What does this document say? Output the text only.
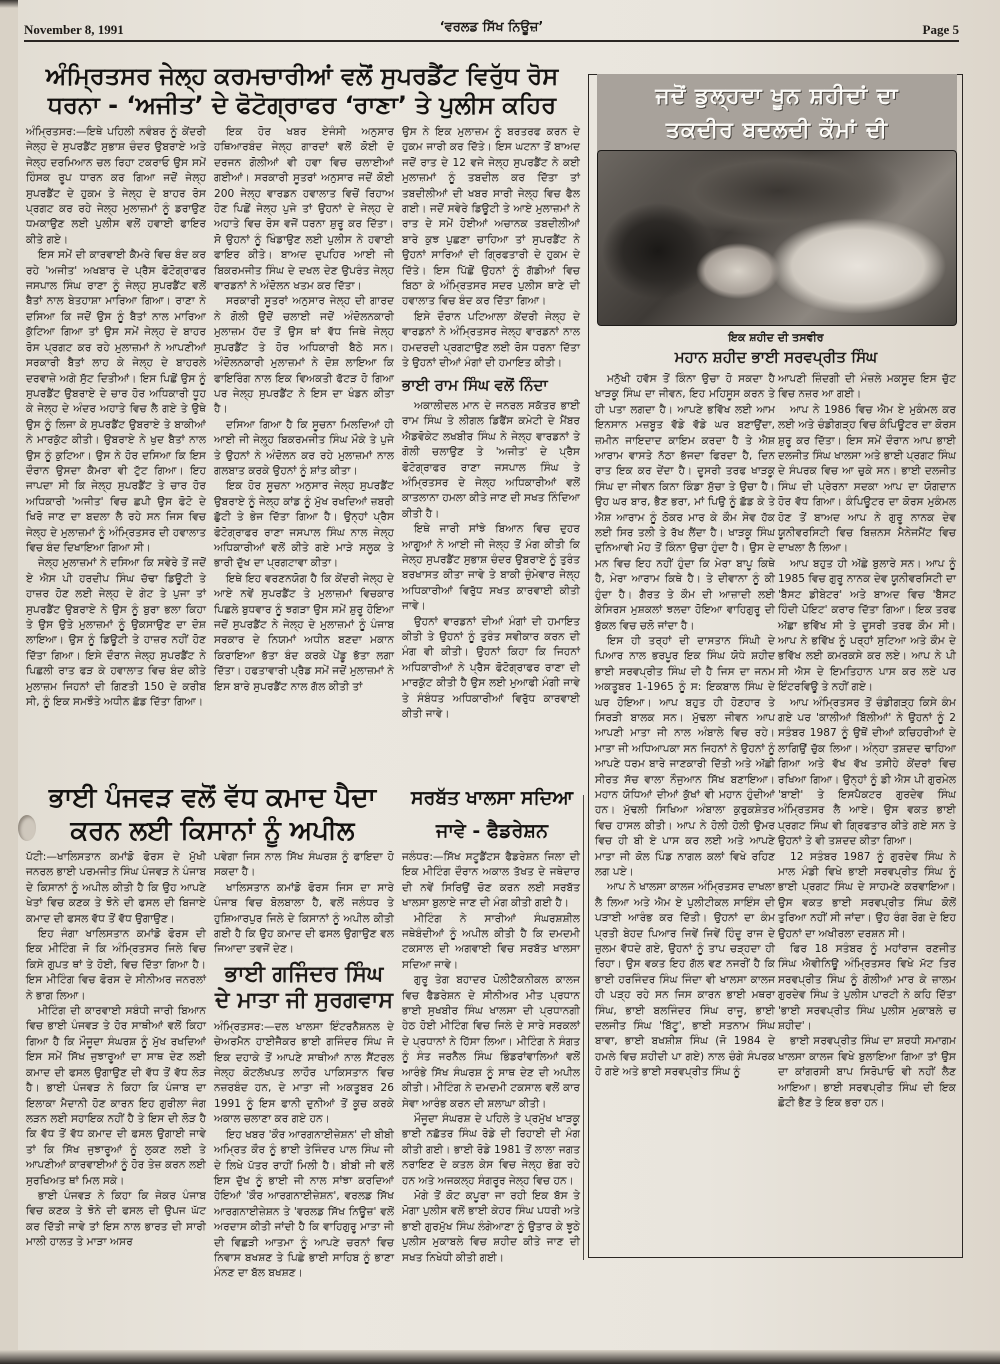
November 8, 1991	‘ਵਰਲਡ ਸਿੱਖ ਨਿਊਜ਼’	Page 5
ਅੰਮ੍ਰਿਤਸਰ ਜੇਲ੍ਹ ਕਰਮਚਾਰੀਆਂ ਵਲੋਂ ਸੁਪਰਡੈਂਟ ਵਿਰੁੱਧ ਰੋਸ ਧਰਨਾ - ‘ਅਜੀਤ’ ਦੇ ਫੋਟੋਗ੍ਰਾਫਰ ‘ਰਾਣਾ’ ਤੇ ਪੁਲੀਸ ਕਹਿਰ

ਅੰਮ੍ਰਿਤਸਰ:—ਇਥੇ ਪਹਿਲੀ ਨਵੰਬਰ ਨੂੰ ਕੇਂਦਰੀ ਜੇਲ੍ਹ ਦੇ ਸੁਪਰਡੈਂਟ ਸੁਭਾਸ਼ ਚੰਦਰ ਉਬਰਾਏ ਅਤੇ ਜੇਲ੍ਹ ਦਰਮਿਆਨ ਚਲ ਰਿਹਾ ਟਕਰਾਓ ਉਸ ਸਮੇਂ ਹਿੰਸਕ ਰੂਪ ਧਾਰਨ ਕਰ ਗਿਆ ਜਦੋਂ ਜੇਲ੍ਹ ਸੁਪਰਡੈਂਟ ਦੇ ਹੁਕਮ ਤੇ ਜੇਲ੍ਹ ਦੇ ਬਾਹਰ ਰੋਸ ਪ੍ਰਗਟ ਕਰ ਰਹੇ ਜੇਲ੍ਹ ਮੁਲਾਜ਼ਮਾਂ ਨੂੰ ਡਰਾਉਣ ਧਮਕਾਉਣ ਲਈ ਪੁਲੀਸ ਵਲੋਂ ਹਵਾਈ ਫਾਇਰ ਕੀਤੇ ਗਏ।

ਇਸ ਸਮੇਂ ਦੀ ਕਾਰਵਾਈ ਕੈਮਰੇ ਵਿਚ ਬੰਦ ਕਰ ਰਹੇ 'ਅਜੀਤ' ਅਖਬਾਰ ਦੇ ਪ੍ਰੈਸ ਫੋਟੋਗ੍ਰਾਫਰ ਜਸਪਾਲ ਸਿੰਘ ਰਾਣਾ ਨੂੰ ਜੇਲ੍ਹ ਸੁਪਰਡੈਂਟ ਵਲੋਂ ਬੈਤਾਂ ਨਾਲ ਬੇਤਹਾਸ਼ਾ ਮਾਰਿਆ ਗਿਆ। ਰਾਣਾ ਨੇ ਦਸਿਆ ਕਿ ਜਦੋਂ ਉਸ ਨੂੰ ਬੈਤਾਂ ਨਾਲ ਮਾਰਿਆ ਕੁੱਟਿਆ ਗਿਆ ਤਾਂ ਉਸ ਸਮੇਂ ਜੇਲ੍ਹ ਦੇ ਬਾਹਰ ਰੋਸ ਪ੍ਰਗਟ ਕਰ ਰਹੇ ਮੁਲਾਜ਼ਮਾਂ ਨੇ ਆਪਣੀਆਂ ਸਰਕਾਰੀ ਬੈਤਾਂ ਲਾਹ ਕੇ ਜੇਲ੍ਹ ਦੇ ਬਾਹਰਲੇ ਦਰਵਾਜ਼ੇ ਅਗੇ ਸੁੱਟ ਦਿਤੀਆਂ। ਇਸ ਪਿਛੋਂ ਉਸ ਨੂੰ ਸੁਪਰਡੈਂਟ ਉਬਰਾਏ ਦੇ ਚਾਰ ਹੋਰ ਅਧਿਕਾਰੀ ਧੂਹ ਕੇ ਜੇਲ੍ਹ ਦੇ ਅੰਦਰ ਅਹਾਤੇ ਵਿਚ ਲੈ ਗਏ ਤੇ ਉਥੇ ਉਸ ਨੂੰ ਲਿਜਾ ਕੇ ਸੁਪਰਡੈਂਟ ਉਬਰਾਏ ਤੇ ਬਾਕੀਆਂ ਨੇ ਮਾਰਕੁੱਟ ਕੀਤੀ। ਉਬਰਾਏ ਨੇ ਖੁਦ ਬੈਤਾਂ ਨਾਲ ਉਸ ਨੂੰ ਕੁਟਿਆ। ਉਸ ਨੇ ਹੋਰ ਦਸਿਆ ਕਿ ਇਸ ਦੌਰਾਨ ਉਸਦਾ ਕੈਮਰਾ ਵੀ ਟੁੱਟ ਗਿਆ। ਇਹ ਜਾਪਦਾ ਸੀ ਕਿ ਜੇਲ੍ਹ ਸੁਪਰਡੈਂਟ ਤੇ ਚਾਰ ਹੋਰ ਅਧਿਕਾਰੀ 'ਅਜੀਤ' ਵਿਚ ਛਪੀ ਉਸ ਫੋਟੋ ਦੇ ਖਿਰੋ ਜਾਣ ਦਾ ਬਦਲਾ ਲੈ ਰਹੇ ਸਨ ਜਿਸ ਵਿਚ ਜੇਲ੍ਹ ਦੇ ਮੁਲਾਜ਼ਮਾਂ ਨੂੰ ਅੰਮ੍ਰਿਤਸਰ ਦੀ ਹਵਾਲਾਤ ਵਿਚ ਬੰਦ ਦਿਖਾਇਆ ਗਿਆ ਸੀ।

ਜੇਲ੍ਹ ਮੁਲਾਜ਼ਮਾਂ ਨੇ ਦਸਿਆ ਕਿ ਸਵੇਰੇ ਤੋਂ ਜਦੋਂ ਏ ਐਸ ਪੀ ਹਰਦੀਪ ਸਿੰਘ ਚੱਢਾ ਡਿਊਟੀ ਤੇ ਹਾਜ਼ਰ ਹੋਣ ਲਈ ਜੇਲ੍ਹ ਦੇ ਗੇਟ ਤੇ ਪੁਜਾ ਤਾਂ ਸੁਪਰਡੈਂਟ ਉਬਰਾਏ ਨੇ ਉਸ ਨੂੰ ਬੁਰਾ ਭਲਾ ਕਿਹਾ ਤੇ ਉਸ ਉਤੇ ਮੁਲਾਜ਼ਮਾਂ ਨੂੰ ਉਕਸਾਉਣ ਦਾ ਦੋਸ਼ ਲਾਇਆ। ਉਸ ਨੂੰ ਡਿਊਟੀ ਤੇ ਹਾਜ਼ਰ ਨਹੀਂ ਹੋਣ ਦਿੱਤਾ ਗਿਆ। ਇਸੇ ਦੌਰਾਨ ਜੇਲ੍ਹ ਸੁਪਰਡੈਂਟ ਨੇ ਪਿਛਲੀ ਰਾਤ ਫੜ ਕੇ ਹਵਾਲਾਤ ਵਿਚ ਬੰਦ ਕੀਤੇ ਮੁਲਾਜ਼ਮ ਜਿਹਨਾਂ ਦੀ ਗਿਣਤੀ 150 ਦੇ ਕਰੀਬ ਸੀ, ਨੂੰ ਇਕ ਸਮਝੌਤੇ ਅਧੀਨ ਛੱਡ ਦਿੱਤਾ ਗਿਆ।

ਇਕ ਹੋਰ ਖਬਰ ਏਜੰਸੀ ਅਨੁਸਾਰ ਹਥਿਆਰਬੰਦ ਜੇਲ੍ਹ ਗਾਰਦਾਂ ਵਲੋਂ ਕੋਈ ਦੋ ਦਰਜਨ ਗੋਲੀਆਂ ਵੀ ਹਵਾ ਵਿਚ ਚਲਾਈਆਂ ਗਈਆਂ। ਸਰਕਾਰੀ ਸੂਤਰਾਂ ਅਨੁਸਾਰ ਜਦੋਂ ਕੋਈ 200 ਜੇਲ੍ਹ ਵਾਰਡਨ ਹਵਾਲਾਤ ਵਿਚੋਂ ਰਿਹਾਅ ਹੋਣ ਪਿਛੋਂ ਜੇਲ੍ਹ ਪੁਜੇ ਤਾਂ ਉਹਨਾਂ ਦੇ ਜੇਲ੍ਹ ਦੇ ਅਹਾਤੇ ਵਿਚ ਰੋਸ ਵਜੋਂ ਧਰਨਾ ਸ਼ੁਰੂ ਕਰ ਦਿੱਤਾ। ਸੋ ਉਹਨਾਂ ਨੂੰ ਖਿੰਡਾਉਣ ਲਈ ਪੁਲੀਸ ਨੇ ਹਵਾਈ ਫਾਇਰ ਕੀਤੇ। ਬਾਅਦ ਦੁਪਹਿਰ ਆਈ ਜੀ ਬਿਕਰਮਜੀਤ ਸਿੰਘ ਦੇ ਦਖਲ ਦੇਣ ਉਪਰੰਤ ਜੇਲ੍ਹ ਵਾਰਡਨਾਂ ਨੇ ਅੰਦੋਲਨ ਖਤਮ ਕਰ ਦਿੱਤਾ।

ਸਰਕਾਰੀ ਸੂਤਰਾਂ ਅਨੁਸਾਰ ਜੇਲ੍ਹ ਦੀ ਗਾਰਦ ਨੇ ਗੋਲੀ ਉਦੋਂ ਚਲਾਈ ਜਦੋਂ ਅੰਦੋਲਨਕਾਰੀ ਮੁਲਾਜ਼ਮ ਹੱਦ ਤੋਂ ਉਸ ਥਾਂ ਵੱਧ ਜਿਥੇ ਜੇਲ੍ਹ ਸੁਪਰਡੈਂਟ ਤੇ ਹੋਰ ਅਧਿਕਾਰੀ ਬੈਠੇ ਸਨ। ਅੰਦੋਲਨਕਾਰੀ ਮੁਲਾਜ਼ਮਾਂ ਨੇ ਦੋਸ਼ ਲਾਇਆ ਕਿ ਫਾਇਰਿੰਗ ਨਾਲ ਇਕ ਵਿਅਕਤੀ ਫੱਟੜ ਹੋ ਗਿਆ ਪਰ ਜੇਲ੍ਹ ਸੁਪਰਡੈਂਟ ਨੇ ਇਸ ਦਾ ਖੰਡਨ ਕੀਤਾ ਹੈ।

ਦਸਿਆ ਗਿਆ ਹੈ ਕਿ ਸੂਚਨਾ ਮਿਲਦਿਆਂ ਹੀ ਆਈ ਜੀ ਜੇਲ੍ਹ੍ਹ ਬਿਕਰਮਜੀਤ ਸਿੰਘ ਮੌਕੇ ਤੇ ਪੁਜੇ ਤੇ ਉਹਨਾਂ ਨੇ ਅੰਦੋਲਨ ਕਰ ਰਹੇ ਮੁਲਾਜ਼ਮਾਂ ਨਾਲ ਗਲਬਾਤ ਕਰਕੇ ਉਹਨਾਂ ਨੂੰ ਸ਼ਾਂਤ ਕੀਤਾ।

ਇਕ ਹੋਰ ਸੂਚਨਾ ਅਨੁਸਾਰ ਜੇਲ੍ਹ ਸੁਪਰਡੈਂਟ ਉਬਰਾਏ ਨੂੰ ਜੇਲ੍ਹ ਕਾਂਡ ਨੂੰ ਮੁੱਖ ਰਖਦਿਆਂ ਜ਼ਬਰੀ ਛੁੱਟੀ ਤੇ ਭੇਜ ਦਿੱਤਾ ਗਿਆ ਹੈ। ਉਨ੍ਹਾਂ ਪ੍ਰੈਸ ਫੋਟੋਗ੍ਰਾਫਰ ਰਾਣਾ ਜਸਪਾਲ ਸਿੰਘ ਨਾਲ ਜੇਲ੍ਹ ਅਧਿਕਾਰੀਆਂ ਵਲੋਂ ਕੀਤੇ ਗਏ ਮਾੜੇ ਸਲੂਕ ਤੇ ਭਾਰੀ ਦੁੱਖ ਦਾ ਪ੍ਰਗਟਾਵਾ ਕੀਤਾ।

ਇਥੇ ਇਹ ਵਰਣਨਯੋਗ ਹੈ ਕਿ ਕੇਂਦਰੀ ਜੇਲ੍ਹ ਦੇ ਆਏ ਨਵੇਂ ਸੁਪਰਡੈਂਟ ਤੇ ਮੁਲਾਜ਼ਮਾਂ ਵਿਚਕਾਰ ਪਿਛਲੇ ਬੁਧਵਾਰ ਨੂੰ ਝਗੜਾ ਉਸ ਸਮੇਂ ਸ਼ੁਰੂ ਹੋਇਆ ਜਦੋਂ ਸੁਪਰਡੈਂਟ ਨੇ ਜੇਲ੍ਹ ਦੇ ਮੁਲਾਜ਼ਮਾਂ ਨੂੰ ਪੰਜਾਬ ਸਰਕਾਰ ਦੇ ਨਿਯਮਾਂ ਅਧੀਨ ਬਣਦਾ ਮਕਾਨ ਕਿਰਾਇਆ ਭੱਤਾ ਬੰਦ ਕਰਕੇ ਪੇਂਡੂ ਭੱਤਾ ਲਗਾ ਦਿੱਤਾ। ਹਫਤਾਵਾਰੀ ਪ੍ਰੈਡ ਸਮੇਂ ਜਦੋਂ ਮੁਲਾਜ਼ਮਾਂ ਨੇ ਇਸ ਬਾਰੇ ਸੁਪਰਡੈਂਟ ਨਾਲ ਗੱਲ ਕੀਤੀ ਤਾਂ

ਉਸ ਨੇ ਇਕ ਮੁਲਾਜ਼ਮ ਨੂੰ ਬਰਤਰਫ ਕਰਨ ਦੇ ਹੁਕਮ ਜਾਰੀ ਕਰ ਦਿੱਤੇ। ਇਸ ਘਟਨਾ ਤੋਂ ਬਾਅਦ ਜਦੋਂ ਰਾਤ ਦੇ 12 ਵਜੇ ਜੇਲ੍ਹ ਸੁਪਰਡੈਂਟ ਨੇ ਕਈ ਮੁਲਾਜ਼ਮਾਂ ਨੂੰ ਤਬਦੀਲ ਕਰ ਦਿੱਤਾ ਤਾਂ ਤਬਦੀਲੀਆਂ ਦੀ ਖਬਰ ਸਾਰੀ ਜੇਲ੍ਹ ਵਿਚ ਫੈਲ ਗਈ। ਜਦੋਂ ਸਵੇਰੇ ਡਿਊਟੀ ਤੇ ਆਏ ਮੁਲਾਜ਼ਮਾਂ ਨੇ ਰਾਤ ਦੇ ਸਮੇਂ ਹੋਈਆਂ ਅਚਾਨਕ ਤਬਦੀਲੀਆਂ ਬਾਰੇ ਕੁਝ ਪੁਛਣਾ ਚਾਹਿਆ ਤਾਂ ਸੁਪਰਡੈਂਟ ਨੇ ਉਹਨਾਂ ਸਾਰਿਆਂ ਦੀ ਗ੍ਰਿਫਤਾਰੀ ਦੇ ਹੁਕਮ ਦੇ ਦਿੱਤੇ। ਇਸ ਪਿੱਛੋਂ ਉਹਨਾਂ ਨੂੰ ਗੱਡੀਆਂ ਵਿਚ ਬਿਠਾ ਕੇ ਅੰਮ੍ਰਿਤਸਰ ਸਦਰ ਪੁਲੀਸ ਥਾਣੇ ਦੀ ਹਵਾਲਾਤ ਵਿਚ ਬੰਦ ਕਰ ਦਿੱਤਾ ਗਿਆ।

ਇਸੇ ਦੌਰਾਨ ਪਟਿਆਲਾ ਕੇਂਦਰੀ ਜੇਲ੍ਹ ਦੇ ਵਾਰਡਨਾਂ ਨੇ ਅੰਮ੍ਰਿਤਸਰ ਜੇਲ੍ਹ ਵਾਰਡਨਾਂ ਨਾਲ ਹਮਦਰਦੀ ਪ੍ਰਗਟਾਉਣ ਲਈ ਰੋਸ ਧਰਨਾ ਦਿੱਤਾ ਤੇ ਉਹਨਾਂ ਦੀਆਂ ਮੰਗਾਂ ਦੀ ਹਮਾਇਤ ਕੀਤੀ।

ਭਾਈ ਰਾਮ ਸਿੰਘ ਵਲੋਂ ਨਿੰਦਾ

ਅਕਾਲੀਦਲ ਮਾਨ ਦੇ ਜਨਰਲ ਸਕੱਤਰ ਭਾਈ ਰਾਮ ਸਿੰਘ ਤੇ ਲੀਗਲ ਡਿਫੈਂਸ ਕਮੇਟੀ ਦੇ ਮੈਂਬਰ ਐਡਵੋਕੇਟ ਲਖਬੀਰ ਸਿੰਘ ਨੇ ਜੇਲ੍ਹ ਵਾਰਡਨਾਂ ਤੇ ਗੋਲੀ ਚਲਾਉਣ ਤੇ 'ਅਜੀਤ' ਦੇ ਪ੍ਰੈਸ ਫੋਟੋਗ੍ਰਾਫਰ ਰਾਣਾ ਜਸਪਾਲ ਸਿੰਘ ਤੇ ਅੰਮ੍ਰਿਤਸਰ ਦੇ ਜੇਲ੍ਹ ਅਧਿਕਾਰੀਆਂ ਵਲੋਂ ਕਾਤਲਾਨਾ ਹਮਲਾ ਕੀਤੇ ਜਾਣ ਦੀ ਸਖਤ ਨਿੰਦਿਆ ਕੀਤੀ ਹੈ।

ਇਥੇ ਜਾਰੀ ਸਾਂਝੇ ਬਿਆਨ ਵਿਚ ਦੁਹਰ ਆਗੂਆਂ ਨੇ ਆਈ ਜੀ ਜੇਲ੍ਹ ਤੋਂ ਮੰਗ ਕੀਤੀ ਕਿ ਜੇਲ੍ਹ ਸੁਪਰਡੈਂਟ ਸੁਭਾਸ਼ ਚੰਦਰ ਉਬਰਾਏ ਨੂੰ ਤੁਰੰਤ ਬਰਖਾਸਤ ਕੀਤਾ ਜਾਵੇ ਤੇ ਬਾਕੀ ਜ਼ੁੰਮੇਵਾਰ ਜੇਲ੍ਹ ਅਧਿਕਾਰੀਆਂ ਵਿਰੁੱਧ ਸਖਤ ਕਾਰਵਾਈ ਕੀਤੀ ਜਾਵੇ।

ਉਹਨਾਂ ਵਾਰਡਨਾਂ ਦੀਆਂ ਮੰਗਾਂ ਦੀ ਹਮਾਇਤ ਕੀਤੀ ਤੇ ਉਹਨਾਂ ਨੂੰ ਤੁਰੰਤ ਸਵੀਕਾਰ ਕਰਨ ਦੀ ਮੰਗ ਵੀ ਕੀਤੀ। ਉਹਨਾਂ ਕਿਹਾ ਕਿ ਜਿਹਨਾਂ ਅਧਿਕਾਰੀਆਂ ਨੇ ਪ੍ਰੈਸ ਫੋਟੋਗ੍ਰਾਫਰ ਰਾਣਾ ਦੀ ਮਾਰਕੁੱਟ ਕੀਤੀ ਹੈ ਉਸ ਲਈ ਮੁਆਫੀ ਮੰਗੀ ਜਾਵੇ ਤੇ ਸੰਬੰਧਤ ਅਧਿਕਾਰੀਆਂ ਵਿਰੁੱਧ ਕਾਰਵਾਈ ਕੀਤੀ ਜਾਵੇ।

ਭਾਈ ਪੰਜਵੜ ਵਲੋਂ ਵੱਧ ਕਮਾਦ ਪੈਦਾ ਕਰਨ ਲਈ ਕਿਸਾਨਾਂ ਨੂੰ ਅਪੀਲ

ਪੱਟੀ:—ਖਾਲਿਸਤਾਨ ਕਮਾਂਡੋ ਫੋਰਸ ਦੇ ਮੁੱਖੀ ਜਨਰਲ ਭਾਈ ਪਰਮਜੀਤ ਸਿੰਘ ਪੰਜਵੜ ਨੇ ਪੰਜਾਬ ਦੇ ਕਿਸਾਨਾਂ ਨੂੰ ਅਪੀਲ ਕੀਤੀ ਹੈ ਕਿ ਉਹ ਆਪਣੇ ਖੇਤਾਂ ਵਿਚ ਕਣਕ ਤੇ ਝੋਨੇ ਦੀ ਫਸਲ ਦੀ ਬਿਜਾਏ ਕਮਾਦ ਦੀ ਫਸਲ ਵੱਧ ਤੋਂ ਵੱਧ ਉਗਾਉਣ।

ਇਹ ਜੰਗਾ ਖਾਲਿਸਤਾਨ ਕਮਾਂਡੋ ਫੋਰਸ ਦੀ ਇਕ ਮੀਟਿੰਗ ਜੋ ਕਿ ਅੰਮ੍ਰਿਤਸਰ ਜਿਲੇ ਵਿਚ ਕਿਸੇ ਗੁਪਤ ਥਾਂ ਤੇ ਹੋਈ, ਵਿਚ ਦਿੱਤਾ ਗਿਆ ਹੈ। ਇਸ ਮੀਟਿੰਗ ਵਿਚ ਫੋਰਸ ਦੇ ਸੀਨੀਅਰ ਜਨਰਲਾਂ ਨੇ ਭਾਗ ਲਿਆ।

ਮੀਟਿੰਗ ਦੀ ਕਾਰਵਾਈ ਸਬੰਧੀ ਜਾਰੀ ਬਿਆਨ ਵਿਚ ਭਾਈ ਪੰਜਵੜ ਤੇ ਹੋਰ ਸਾਥੀਆਂ ਵਲੋਂ ਕਿਹਾ ਗਿਆ ਹੈ ਕਿ ਮੌਜੂਦਾ ਸੰਘਰਸ਼ ਨੂੰ ਮੁੱਖ ਰਖਦਿਆਂ ਇਸ ਸਮੇਂ ਸਿੱਖ ਜੁਝਾਰੂਆਂ ਦਾ ਸਾਥ ਦੇਣ ਲਈ ਕਮਾਦ ਦੀ ਫਸਲ ਉਗਾਉਣ ਦੀ ਵੱਧ ਤੋਂ ਵੱਧ ਲੋੜ ਹੈ। ਭਾਈ ਪੰਜਵੜ ਨੇ ਕਿਹਾ ਕਿ ਪੰਜਾਬ ਦਾ ਇਲਾਕਾ ਮੈਦਾਨੀ ਹੋਣ ਕਾਰਨ ਇਹ ਗੁਰੀਲਾ ਜੰਗ ਲੜਨ ਲਈ ਸਹਾਇਕ ਨਹੀਂ ਹੈ ਤੇ ਇਸ ਦੀ ਲੋੜ ਹੈ ਕਿ ਵੱਧ ਤੋਂ ਵੱਧ ਕਮਾਦ ਦੀ ਫਸਲ ਉਗਾਈ ਜਾਵੇ ਤਾਂ ਕਿ ਸਿੱਖ ਜੁਝਾਰੂਆਂ ਨੂੰ ਲੁਕਣ ਲਈ ਤੇ ਆਪਣੀਆਂ ਕਾਰਵਾਈਆਂ ਨੂੰ ਹੋਰ ਤੇਜ਼ ਕਰਨ ਲਈ ਸੁਰਖਿਅਤ ਥਾਂ ਮਿਲ ਸਕੇ।

ਭਾਈ ਪੰਜਵੜ ਨੇ ਕਿਹਾ ਕਿ ਜੇਕਰ ਪੰਜਾਬ ਵਿਚ ਕਣਕ ਤੇ ਝੋਨੇ ਦੀ ਫਸਲ ਦੀ ਉਪਜ ਘੱਟ ਕਰ ਦਿੱਤੀ ਜਾਵੇ ਤਾਂ ਇਸ ਨਾਲ ਭਾਰਤ ਦੀ ਸਾਰੀ ਮਾਲੀ ਹਾਲਤ ਤੇ ਮਾੜਾ ਅਸਰ

ਪਵੇਗਾ ਜਿਸ ਨਾਲ ਸਿੱਖ ਸੰਘਰਸ਼ ਨੂੰ ਫਾਇਦਾ ਹੋ ਸਕਦਾ ਹੈ।

ਖਾਲਿਸਤਾਨ ਕਮਾਂਡੋ ਫੋਰਸ ਜਿਸ ਦਾ ਸਾਰੇ ਪੰਜਾਬ ਵਿਚ ਬੋਲਬਾਲਾ ਹੈ, ਵਲੋਂ ਜਲੰਧਰ ਤੇ ਹੁਸ਼ਿਆਰਪੁਰ ਜਿਲੇ ਦੇ ਕਿਸਾਨਾਂ ਨੂੰ ਅਪੀਲ ਕੀਤੀ ਗਈ ਹੈ ਕਿ ਉਹ ਕਮਾਦ ਦੀ ਫਸਲ ਉਗਾਉਣ ਵਲ ਜਿਆਦਾ ਤਵਜੋਂ ਦੇਣ।

ਭਾਈ ਗਜਿੰਦਰ ਸਿੰਘ ਦੇ ਮਾਤਾ ਜੀ ਸੁਰਗਵਾਸ

ਅੰਮ੍ਰਿਤਸਰ:—ਦਲ ਖਾਲਸਾ ਇੰਟਰਨੈਸ਼ਨਲ ਦੇ ਚੇਅਰਮੈਨ ਹਾਈਜੈਕਰ ਭਾਈ ਗਜਿੰਦਰ ਸਿੰਘ ਜੋ ਇਕ ਦਹਾਕੇ ਤੋਂ ਆਪਣੇ ਸਾਥੀਆਂ ਨਾਲ ਸੈਂਟਰਲ ਜੇਲ੍ਹ ਕੋਟਲੱਖਪਤ ਲਾਹੌਰ ਪਾਕਿਸਤਾਨ ਵਿਚ ਨਜ਼ਰਬੰਦ ਹਨ, ਦੇ ਮਾਤਾ ਜੀ ਅਕਤੂਬਰ 26 1991 ਨੂੰ ਇਸ ਫਾਨੀ ਦੁਨੀਆਂ ਤੋਂ ਕੂਚ ਕਰਕੇ ਅਕਾਲ ਚਲਾਣਾ ਕਰ ਗਏ ਹਨ।

ਇਹ ਖਬਰ 'ਕੌਰ ਆਰਗਨਾਈਜ਼ੇਸ਼ਨ' ਦੀ ਬੀਬੀ ਅਮ੍ਰਿਤ ਕੌਰ ਨੂੰ ਭਾਈ ਤੇਜਿੰਦਰ ਪਾਲ ਸਿੰਘ ਜੀ ਦੇ ਲਿਖੇ ਪੱਤਰ ਰਾਹੀਂ ਮਿਲੀ ਹੈ। ਬੀਬੀ ਜੀ ਵਲੋਂ ਇਸ ਦੁੱਖ ਨੂੰ ਭਾਈ ਜੀ ਨਾਲ ਸਾਂਝਾ ਕਰਦਿਆਂ ਹੋਇਆਂ 'ਕੌਰ ਆਰਗਨਾਈਜ਼ੇਸ਼ਨ', ਵਰਲਡ ਸਿੱਖ ਆਰਗਨਾਈਜ਼ੇਸ਼ਨ ਤੇ 'ਵਰਲਡ ਸਿੱਖ ਨਿਊਜ਼' ਵਲੋਂ ਅਰਦਾਸ ਕੀਤੀ ਜਾਂਦੀ ਹੈ ਕਿ ਵਾਹਿਗੁਰੂ ਮਾਤਾ ਜੀ ਦੀ ਵਿਛੜੀ ਆਤਮਾ ਨੂੰ ਆਪਣੇ ਚਰਨਾਂ ਵਿਚ ਨਿਵਾਸ ਬਖਸ਼ਣ ਤੇ ਪਿਛੇ ਭਾਈ ਸਾਹਿਬ ਨੂੰ ਭਾਣਾ ਮੰਨਣ ਦਾ ਬੱਲ ਬਖਸ਼ਣ।

ਸਰਬੱਤ ਖਾਲਸਾ ਸਦਿਆ ਜਾਵੇ - ਫੈਡਰੇਸ਼ਨ

ਜਲੰਧਰ:—ਸਿੱਖ ਸਟੂਡੈਂਟਸ ਫੈਡਰੇਸ਼ਨ ਜਿਲਾ ਦੀ ਇਕ ਮੀਟਿੰਗ ਦੌਰਾਨ ਅਕਾਲ ਤੱਖਤ ਦੇ ਜਥੇਦਾਰ ਦੀ ਨਵੇਂ ਸਿਰਿਉਂ ਚੋਣ ਕਰਨ ਲਈ ਸਰਬੱਤ ਖਾਲਸਾ ਬੁਲਾਏ ਜਾਣ ਦੀ ਮੰਗ ਕੀਤੀ ਗਈ ਹੈ।

ਮੀਟਿੰਗ ਨੇ ਸਾਰੀਆਂ ਸੰਘਰਸ਼ਸ਼ੀਲ ਜਥੇਬੰਦੀਆਂ ਨੂੰ ਅਪੀਲ ਕੀਤੀ ਹੈ ਕਿ ਦਮਦਮੀ ਟਕਸਾਲ ਦੀ ਅਗਵਾਈ ਵਿਚ ਸਰਬੱਤ ਖਾਲਸਾ ਸਦਿਆ ਜਾਵੇ।

ਗੁਰੂ ਤੇਗ ਬਹਾਦਰ ਪੋਲੀਟੈਕਨੀਕਲ ਕਾਲਜ ਵਿਚ ਫੈਡਰੇਸ਼ਨ ਦੇ ਸੀਨੀਅਰ ਮੀਤ ਪ੍ਰਧਾਨ ਭਾਈ ਸੁਖਬੀਰ ਸਿੰਘ ਖਾਲਸਾ ਦੀ ਪ੍ਰਧਾਨਗੀ ਹੇਠ ਹੋਈ ਮੀਟਿੰਗ ਵਿਚ ਜਿਲੇ ਦੇ ਸਾਰੇ ਸਰਕਲਾਂ ਦੇ ਪ੍ਰਧਾਨਾਂ ਨੇ ਹਿੱਸਾ ਲਿਆ। ਮੀਟਿੰਗ ਨੇ ਸੰਗਤ ਨੂੰ ਸੰਤ ਜਰਨੈਲ ਸਿੰਘ ਭਿੰਡਰਾਂਵਾਲਿਆਂ ਵਲੋਂ ਆਰੰਭੇ ਸਿੱਖ ਸੰਘਰਸ਼ ਨੂੰ ਸਾਥ ਦੇਣ ਦੀ ਅਪੀਲ ਕੀਤੀ। ਮੀਟਿੰਗ ਨੇ ਦਮਦਮੀ ਟਕਸਾਲ ਵਲੋਂ ਕਾਰ ਸੇਵਾ ਆਰੰਭ ਕਰਨ ਦੀ ਸ਼ਲਾਘਾ ਕੀਤੀ।

ਮੌਜੂਦਾ ਸੰਘਰਸ਼ ਦੇ ਪਹਿਲੇ ਤੇ ਪ੍ਰਮੁੱਖ ਖਾੜਕੂ ਭਾਈ ਨਛੱਤਰ ਸਿੰਘ ਰੋਡੇ ਦੀ ਰਿਹਾਈ ਦੀ ਮੰਗ ਕੀਤੀ ਗਈ। ਭਾਈ ਰੋਡੇ 1981 ਤੋਂ ਲਾਲਾ ਜਗਤ ਨਰਾਇਣ ਦੇ ਕਤਲ ਕੇਸ ਵਿਚ ਜੇਲ੍ਹ ਭੋਗ ਰਹੇ ਹਨ ਅਤੇ ਅਜਕਲ੍ਹ ਸੰਗਰੂਰ ਜੇਲ੍ਹ ਵਿਚ ਹਨ।

ਮੋਗੇ ਤੋਂ ਕੋਟ ਕਪੂਰਾ ਜਾ ਰਹੀ ਇਕ ਬੱਸ ਤੇ ਮੋਗਾ ਪੁਲੀਸ ਵਲੋਂ ਭਾਈ ਕੇਹਰ ਸਿੰਘ ਪਧਰੀ ਅਤੇ ਭਾਈ ਗੁਰਮੁੱਖ ਸਿੰਘ ਲੰਗੇਆਣਾ ਨੂੰ ਉਤਾਰ ਕੇ ਝੂਠੇ ਪੁਲੀਸ ਮੁਕਾਬਲੇ ਵਿਚ ਸ਼ਹੀਦ ਕੀਤੇ ਜਾਣ ਦੀ ਸਖਤ ਨਿਖੇਧੀ ਕੀਤੀ ਗਈ।

ਜਦੋਂ ਡੁਲ੍ਹਦਾ ਖੂਨ ਸ਼ਹੀਦਾਂ ਦਾ
ਤਕਦੀਰ ਬਦਲਦੀ ਕੌਮਾਂ ਦੀ
ਇਕ ਸ਼ਹੀਦ ਦੀ ਤਸਵੀਰ
ਮਹਾਨ ਸ਼ਹੀਦ ਭਾਈ ਸਰਵਪ੍ਰੀਤ ਸਿੰਘ

ਮਨੁੱਖੀ ਹਵੱਸ ਤੋਂ ਕਿੰਨਾ ਉਚਾ ਹੋ ਸਕਦਾ ਹੈ ਖਾੜਕੂ ਸਿੰਘ ਦਾ ਜੀਵਨ, ਇਹ ਮਹਿਸੂਸ ਕਰਨ ਤੇ ਹੀ ਪਤਾ ਲਗਦਾ ਹੈ। ਆਪਣੇ ਭਵਿੱਖ ਲਈ ਆਮ ਇਨਸਾਨ ਮਜ਼ਬੂਤ ਵੱਡੇ ਵੱਡੇ ਘਰ ਬਣਾਉਂਦਾ, ਜ਼ਮੀਨ ਜਾਇਦਾਦ ਕਾਇਮ ਕਰਦਾ ਹੈ ਤੇ ਐਸ਼ ਆਰਾਮ ਵਾਸਤੇ ਨੱਠਾ ਭੱਜਦਾ ਫਿਰਦਾ ਹੈ, ਦਿਨ ਰਾਤ ਇਕ ਕਰ ਦੇਂਦਾ ਹੈ। ਦੂਸਰੀ ਤਰਫ ਖਾੜਕੂ ਸਿੰਘ ਦਾ ਜੀਵਨ ਕਿਨਾ ਕਿੰਡਾ ਸੁੱਚਾ ਤੇ ਉਚਾ ਹੈ। ਉਹ ਘਰ ਬਾਰ, ਭੈਣ ਭਰਾ, ਮਾਂ ਪਿਉ ਨੂੰ ਛੱਡ ਕੇ ਤੇ ਐਸ਼ ਆਰਾਮ ਨੂੰ ਠੋਕਰ ਮਾਰ ਕੇ ਕੌਮ ਸੇਵ ਹੱਕ ਲਈ ਸਿਰ ਤਲੀ ਤੇ ਰੱਖ ਲੈਂਦਾ ਹੈ। ਖਾੜਕੂ ਸਿੰਘ ਦੁਨਿਆਵੀ ਮੋਹ ਤੋਂ ਕਿੰਨਾ ਉਚਾ ਹੁੰਦਾ ਹੈ। ਉਸ ਦੇ ਮਨ ਵਿਚ ਇਹ ਨਹੀਂ ਹੁੰਦਾ ਕਿ ਮੇਰਾ ਬਾਪੂ ਕਿਥੇ ਹੈ, ਮੇਰਾ ਆਰਾਮ ਕਿਥੇ ਹੈ। ਤੇ ਦੀਵਾਨਾ ਨੂੰ ਕੀ ਹੁੰਦਾ ਹੈ। ਗੈਰਤ ਤੇ ਕੌਮ ਦੀ ਆਜ਼ਾਦੀ ਲਈ ਕੇਸਿਰਸ ਮੁਸ਼ਕਲਾਂ ਝਲਦਾ ਹੋਇਆ ਵਾਹਿਗੁਰੂ ਦੀ ਬੁੱਕਲ ਵਿਚ ਚਲੋ ਜਾਂਦਾ ਹੈ।

ਇਸ ਹੀ ਤਰ੍ਹਾਂ ਦੀ ਦਾਸਤਾਨ ਸਿੰਘੀ ਦੇ ਪਿਆਰ ਨਾਲ ਭਰਪੂਰ ਇਕ ਸਿੰਘ ਯੋਧੇ ਸ਼ਹੀਦ ਭਾਈ ਸਰਵਪ੍ਰੀਤ ਸਿੰਘ ਦੀ ਹੈ ਜਿਸ ਦਾ ਜਨਮ ਅਕਤੂਬਰ 1-1965 ਨੂੰ ਸ: ਇਕਬਾਲ ਸਿੰਘ ਦੇ ਘਰ ਹੋਇਆ। ਆਪ ਬਹੁਤ ਹੀ ਹੋਣਹਾਰ ਤੇ ਸਿਰੜੀ ਬਾਲਕ ਸਨ। ਮੁੱਢਲਾ ਜੀਵਨ ਆਪ ਆਪਣੀ ਮਾਤਾ ਜੀ ਨਾਲ ਅੰਬਾਲੇ ਵਿਚ ਰਹੇ। ਮਾਤਾ ਜੀ ਅਧਿਆਪਕਾ ਸਨ ਜਿਹਨਾਂ ਨੇ ਉਹਨਾਂ ਨੂੰ ਆਪਣੇ ਧਰਮ ਬਾਰੇ ਜਾਣਕਾਰੀ ਦਿੱਤੀ ਅਤੇ ਅੱਛੀ ਸੀਰਤ ਸੱਚ ਵਾਲਾ ਨੌਜੁਆਨ ਸਿੱਖ ਬਣਾਇਆ। ਮਹਾਨ ਯੋਧਿਆਂ ਦੀਆਂ ਕੁੱਖਾਂ ਵੀ ਮਹਾਨ ਹੁੰਦੀਆਂ ਹਨ। ਮੁੱਢਲੀ ਸਿਖਿਆ ਅੰਬਾਲਾ ਕੁਰੁਕਸ਼ੇਤਰ ਵਿਚ ਹਾਸਲ ਕੀਤੀ। ਆਪ ਨੇ ਹੋਲੀ ਹੋਲੀ ਉਮਰ ਵਿਚ ਹੀ ਬੀ ਏ ਪਾਸ ਕਰ ਲਈ ਅਤੇ ਆਪਣੇ ਮਾਤਾ ਜੀ ਕੋਲ ਪਿੰਡ ਨਾਗਲ ਕਲਾਂ ਵਿਖੇ ਰਹਿਣ ਲਗ ਪਏ।

ਆਪ ਨੇ ਖਾਲਸਾ ਕਾਲਜ ਅੰਮ੍ਰਿਤਸਰ ਦਾਖਲਾ ਲੈ ਲਿਆ ਅਤੇ ਐਮ ਏ ਪੁਲੀਟੀਕਲ ਸਾਇੰਸ ਦੀ ਪੜਾਈ ਆਰੰਭ ਕਰ ਦਿੱਤੀ। ਉਹਨਾਂ ਦਾ ਕੰਮ ਪ੍ਰਤੀ ਬੇਹਦ ਪਿਆਰ ਜਿਵੇਂ ਜਿਵੇਂ ਹਿੰਦੂ ਰਾਜ ਦੇ ਜ਼ੁਲਮ ਵੱਧਦੇ ਗਏ, ਉਹਨਾਂ ਨੂੰ ਤਾਪ ਚੜ੍ਹਦਾ ਹੀ ਰਿਹਾ। ਉਸ ਵਕਤ ਇਹ ਗੱਲ ਵਣ ਨਜਰੀਂ ਹੈ ਕਿ ਭਾਈ ਹਰਜਿੰਦਰ ਸਿੰਘ ਜਿੰਦਾ ਵੀ ਖਾਲਸਾ ਕਾਲਜ ਹੀ ਪੜ੍ਹ ਰਹੇ ਸਨ ਜਿਸ ਕਾਰਨ ਭਾਈ ਮਥਰਾ ਸਿੰਘ, ਭਾਈ ਬਲਜਿੰਦਰ ਸਿੰਘ ਰਾਜੂ, ਭਾਈ ਦਲਜੀਤ ਸਿੰਘ 'ਬਿੱਟੂ', ਭਾਈ ਸਤਨਾਮ ਸਿੰਘ ਬਾਵਾ, ਭਾਈ ਬਖਸ਼ੀਸ਼ ਸਿੰਘ (ਜੋ 1984 ਦੇ ਹਮਲੇ ਵਿਚ ਸ਼ਹੀਦੀ ਪਾ ਗਏ) ਨਾਲ ਚੰਗੇ ਸੰਪਰਕ ਹੋ ਗਏ ਅਤੇ ਭਾਈ ਸਰਵਪ੍ਰੀਤ ਸਿੰਘ ਨੂੰ

ਆਪਣੀ ਜ਼ਿੰਦਗੀ ਦੀ ਮੰਜ਼ਲੇ ਮਕਸੂਦ ਇਸ ਚੁੱਟ ਵਿਚ ਨਜ਼ਰ ਆ ਗਈ।

ਆਪ ਨੇ 1986 ਵਿਚ ਐਮ ਏ ਮੁਕੰਮਲ ਕਰ ਲਈ ਅਤੇ ਚੰਡੀਗੜ੍ਹ ਵਿਚ ਕੰਪਿਊਟਰ ਦਾ ਕੋਰਸ ਸ਼ੁਰੂ ਕਰ ਦਿੱਤਾ। ਇਸ ਸਮੇਂ ਦੌਰਾਨ ਆਪ ਭਾਈ ਦਲਜੀਤ ਸਿੰਘ ਖਾਲਸਾ ਅਤੇ ਭਾਈ ਪ੍ਰਗਟ ਸਿੰਘ ਦੇ ਸੰਪਰਕ ਵਿਚ ਆ ਚੁਕੇ ਸਨ। ਭਾਈ ਦਲਜੀਤ ਸਿੰਘ ਦੀ ਪ੍ਰੇਰਨਾ ਸਦਕਾ ਆਪ ਦਾ ਯੋਗਦਾਨ ਹੋਰ ਵੱਧ ਗਿਆ। ਕੰਪਿਊਟਰ ਦਾ ਕੋਰਸ ਮੁਕੰਮਲ ਹੋਣ ਤੋਂ ਬਾਅਦ ਆਪ ਨੇ ਗੁਰੂ ਨਾਨਕ ਦੇਵ ਯੂਨੀਵਰਸਿਟੀ ਵਿਚ ਬਿਜ਼ਨਸ ਮੈਨੇਜਮੈਂਟ ਵਿਚ ਦਾਖਲਾ ਲੈ ਲਿਆ।

ਆਪ ਬਹੁਤ ਹੀ ਅੱਛੇ ਬੁਲਾਰੇ ਸਨ। ਆਪ ਨੂੰ 1985 ਵਿਚ ਗੁਰੂ ਨਾਨਕ ਦੇਵ ਯੂਨੀਵਰਸਿਟੀ ਦਾ 'ਬੈਸਟ ਡੀਬੇਟਰ' ਅਤੇ ਬਾਅਦ ਵਿਚ 'ਬੈਸਟ ਹਿੰਦੀ ਪੋਇਟ' ਕਰਾਰ ਦਿੱਤਾ ਗਿਆ। ਇਕ ਤਰਫ ਅੱਛਾ ਭਵਿੱਖ ਸੀ ਤੇ ਦੂਸਰੀ ਤਰਫ ਕੌਮ ਸੀ। ਆਪ ਨੇ ਭਵਿੱਖ ਨੂੰ ਪਰ੍ਹਾਂ ਸੁਟਿਆ ਅਤੇ ਕੌਮ ਦੇ ਭਵਿੱਖ ਲਈ ਕਮਰਕਸੇ ਕਰ ਲਏ। ਆਪ ਨੇ ਪੀ ਸੀ ਐਸ ਦੇ ਇਮਤਿਹਾਨ ਪਾਸ ਕਰ ਲਏ ਪਰ ਇੰਟਰਵਿਊ ਤੇ ਨਹੀਂ ਗਏ।

ਆਪ ਅੰਮ੍ਰਿਤਸਰ ਤੋਂ ਚੰਡੀਗੜ੍ਹ ਕਿਸੇ ਕੰਮ ਗਏ ਪਰ 'ਕਾਲੀਆਂ ਬਿੱਲੀਆਂ' ਨੇ ਉਹਨਾਂ ਨੂੰ 2 ਸਤੰਬਰ 1987 ਨੂੰ ਉਥੋਂ ਦੀਆਂ ਕਚਿਹਰੀਆਂ ਦੇ ਲਾਗਿਉਂ ਚੁੱਕ ਲਿਆ। ਅੰਨ੍ਹਾ ਤਸ਼ਦਦ ਢਾਹਿਆ ਗਿਆ ਅਤੇ ਵੱਖ ਵੱਖ ਤਸੀਹੇ ਕੇਂਦਰਾਂ ਵਿਚ ਰਖਿਆ ਗਿਆ। ਉਨ੍ਹਾਂ ਨੂੰ ਡੀ ਐਸ ਪੀ ਗੁਰਮੇਲ 'ਬਾਈ' ਤੇ ਇਸਪੈਕਟਰ ਗੁਰਦੇਵ ਸਿੰਘ ਅੰਮ੍ਰਿਤਸਰ ਲੈ ਆਏ। ਉਸ ਵਕਤ ਭਾਈ ਪ੍ਰਗਟ ਸਿੰਘ ਵੀ ਗ੍ਰਿਫਤਾਰ ਕੀਤੇ ਗਏ ਸਨ ਤੇ ਉਹਨਾਂ ਤੇ ਵੀ ਤਸ਼ਦਦ ਕੀਤਾ ਗਿਆ।

12 ਸਤੰਬਰ 1987 ਨੂੰ ਗੁਰਦੇਵ ਸਿੰਘ ਨੇ ਮਾਲ ਮੰਡੀ ਵਿਖੇ ਭਾਈ ਸਰਵਪ੍ਰੀਤ ਸਿੰਘ ਨੂੰ ਭਾਈ ਪ੍ਰਗਟ ਸਿੰਘ ਦੇ ਸਾਹਮਣੇ ਕਰਵਾਇਆ। ਉਸ ਵਕਤ ਭਾਈ ਸਰਵਪ੍ਰੀਤ ਸਿੰਘ ਕੋਲੋਂ ਤੁਰਿਆ ਨਹੀਂ ਸੀ ਜਾਂਦਾ। ਉਹ ਰੰਗ ਰੋਗ ਦੇ ਇਹ ਉਹਨਾਂ ਦਾ ਅਖੀਰਲਾ ਦਰਸ਼ਨ ਸੀ।

ਫਿਰ 18 ਸਤੰਬਰ ਨੂੰ ਮਹਾਂਰਾਜ ਰਣਜੀਤ ਸਿੰਘ ਐਵੀਨਿਊ ਅੰਮ੍ਰਿਤਸਰ ਵਿਖੇ ਮੱਟ ਤਿਰ ਸਰਵਪ੍ਰੀਤ ਸਿੰਘ ਨੂੰ ਗੋਲੀਆਂ ਮਾਰ ਕੇ ਜ਼ਾਲਮ ਗੁਰਦੇਵ ਸਿੰਘ ਤੇ ਪੁਲੀਸ ਪਾਰਟੀ ਨੇ ਕਹਿ ਦਿੱਤਾ 'ਭਾਈ ਸਰਵਪ੍ਰੀਤ ਸਿੰਘ ਪੁਲੀਸ ਮੁਕਾਬਲੇ ਚ ਸ਼ਹੀਦ'।

ਭਾਈ ਸਰਵਪ੍ਰੀਤ ਸਿੰਘ ਦਾ ਸ਼ਰਧੀ ਸਮਾਗਮ ਖਾਲਸਾ ਕਾਲਜ ਵਿਖੇ ਬੁਲਾਇਆ ਗਿਆ ਤਾਂ ਉਸ ਦਾ ਕਾਂਗਰਸੀ ਬਾਪ ਸਿਰੋਪਾਓ ਵੀ ਨਹੀਂ ਲੈਣ ਆਇਆ। ਭਾਈ ਸਰਵਪ੍ਰੀਤ ਸਿੰਘ ਦੀ ਇਕ ਛੋਟੀ ਭੈਣ ਤੇ ਇਕ ਭਰਾ ਹਨ।
